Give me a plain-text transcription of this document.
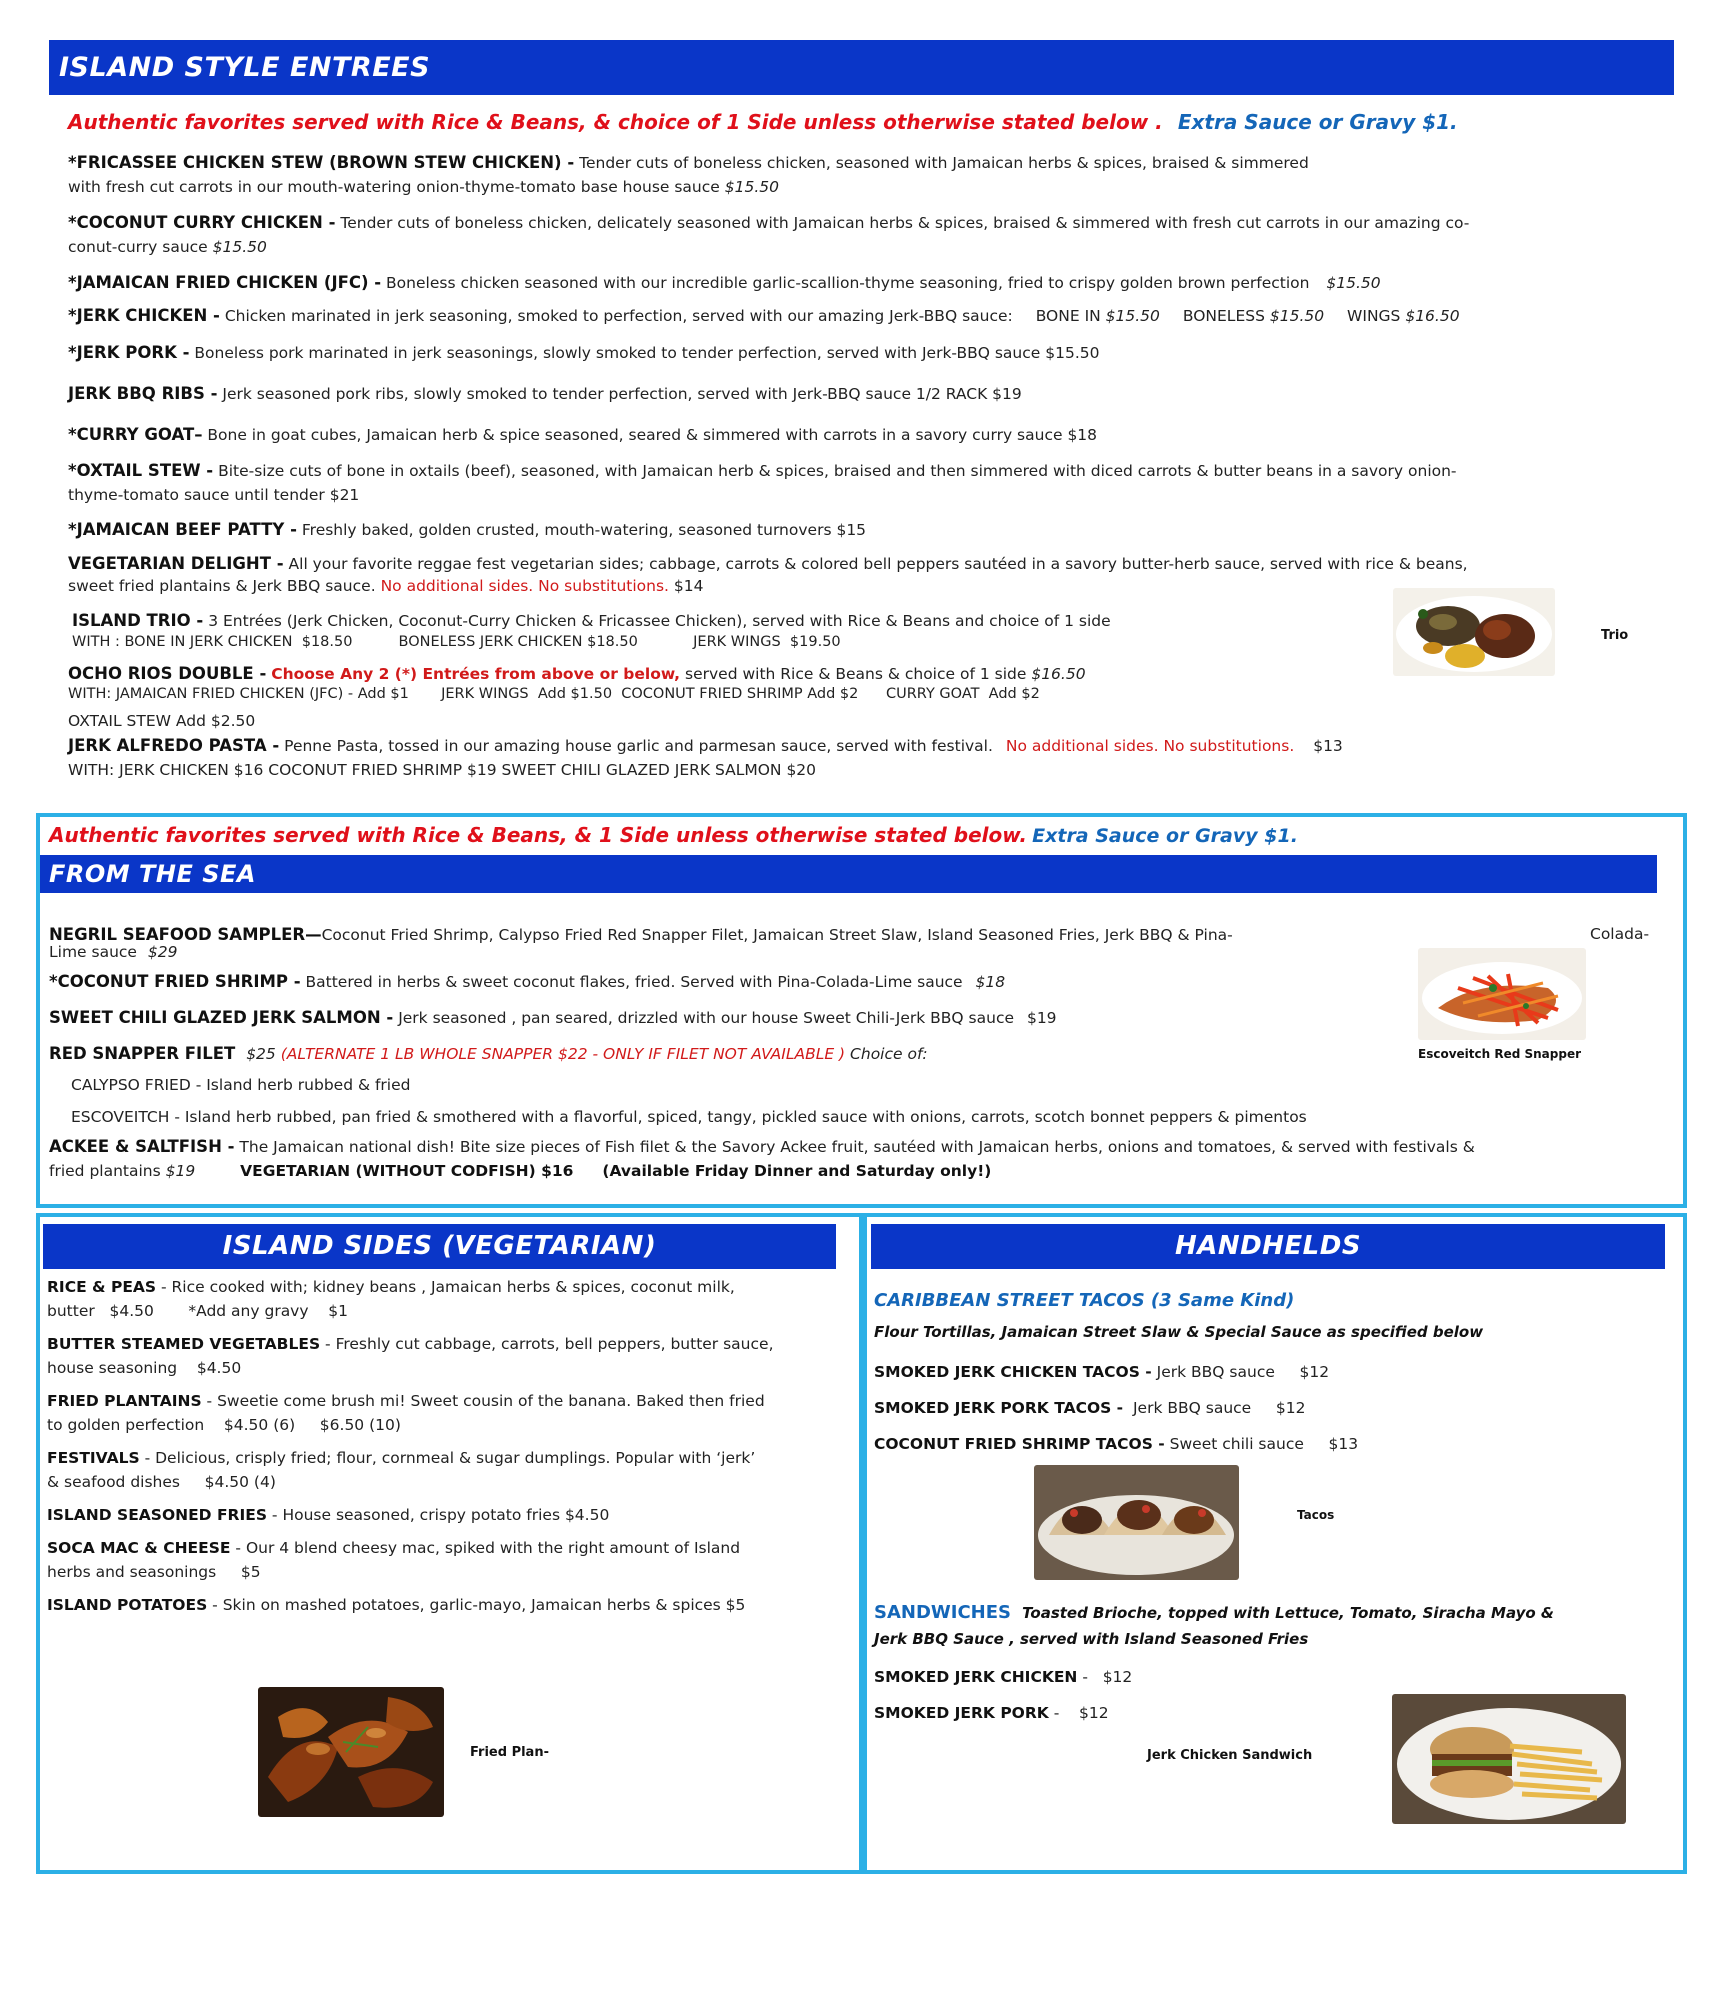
ISLAND STYLE ENTREES
Authentic favorites served with Rice & Beans, & choice of 1 Side unless otherwise stated below . Extra Sauce or Gravy $1.
*FRICASSEE CHICKEN STEW (BROWN STEW CHICKEN) - Tender cuts of boneless chicken, seasoned with Jamaican herbs & spices, braised & simmered
with fresh cut carrots in our mouth-watering onion-thyme-tomato base house sauce $15.50
*COCONUT CURRY CHICKEN - Tender cuts of boneless chicken, delicately seasoned with Jamaican herbs & spices, braised & simmered with fresh cut carrots in our amazing co-
conut-curry sauce $15.50
*JAMAICAN FRIED CHICKEN (JFC) - Boneless chicken seasoned with our incredible garlic-scallion-thyme seasoning, fried to crispy golden brown perfection $15.50
*JERK CHICKEN - Chicken marinated in jerk seasoning, smoked to perfection, served with our amazing Jerk-BBQ sauce: BONE IN $15.50 BONELESS $15.50 WINGS $16.50
*JERK PORK - Boneless pork marinated in jerk seasonings, slowly smoked to tender perfection, served with Jerk-BBQ sauce $15.50
JERK BBQ RIBS - Jerk seasoned pork ribs, slowly smoked to tender perfection, served with Jerk-BBQ sauce 1/2 RACK $19
*CURRY GOAT– Bone in goat cubes, Jamaican herb & spice seasoned, seared & simmered with carrots in a savory curry sauce $18
*OXTAIL STEW - Bite-size cuts of bone in oxtails (beef), seasoned, with Jamaican herb & spices, braised and then simmered with diced carrots & butter beans in a savory onion-
thyme-tomato sauce until tender $21
*JAMAICAN BEEF PATTY - Freshly baked, golden crusted, mouth-watering, seasoned turnovers $15
VEGETARIAN DELIGHT - All your favorite reggae fest vegetarian sides; cabbage, carrots & colored bell peppers sautéed in a savory butter-herb sauce, served with rice & beans,
sweet fried plantains & Jerk BBQ sauce. No additional sides. No substitutions. $14
ISLAND TRIO - 3 Entrées (Jerk Chicken, Coconut-Curry Chicken & Fricassee Chicken), served with Rice & Beans and choice of 1 side
WITH : BONE IN JERK CHICKEN  $18.50          BONELESS JERK CHICKEN $18.50            JERK WINGS  $19.50	Trio
OCHO RIOS DOUBLE - Choose Any 2 (*) Entrées from above or below, served with Rice & Beans & choice of 1 side $16.50
WITH: JAMAICAN FRIED CHICKEN (JFC) - Add $1       JERK WINGS  Add $1.50  COCONUT FRIED SHRIMP Add $2      CURRY GOAT  Add $2
OXTAIL STEW Add $2.50
JERK ALFREDO PASTA - Penne Pasta, tossed in our amazing house garlic and parmesan sauce, served with festival. No additional sides. No substitutions. $13
WITH: JERK CHICKEN $16 COCONUT FRIED SHRIMP $19 SWEET CHILI GLAZED JERK SALMON $20
Authentic favorites served with Rice & Beans, & 1 Side unless otherwise stated below. Extra Sauce or Gravy $1.
FROM THE SEA
NEGRIL SEAFOOD SAMPLER—Coconut Fried Shrimp, Calypso Fried Red Snapper Filet, Jamaican Street Slaw, Island Seasoned Fries, Jerk BBQ & Pina-
Lime sauce $29
Colada-
*COCONUT FRIED SHRIMP - Battered in herbs & sweet coconut flakes, fried. Served with Pina-Colada-Lime sauce $18
SWEET CHILI GLAZED JERK SALMON - Jerk seasoned , pan seared, drizzled with our house Sweet Chili-Jerk BBQ sauce $19
RED SNAPPER FILET $25 (ALTERNATE 1 LB WHOLE SNAPPER $22 - ONLY IF FILET NOT AVAILABLE ) Choice of:	Escoveitch Red Snapper
CALYPSO FRIED - Island herb rubbed & fried
ESCOVEITCH - Island herb rubbed, pan fried & smothered with a flavorful, spiced, tangy, pickled sauce with onions, carrots, scotch bonnet peppers & pimentos
ACKEE & SALTFISH - The Jamaican national dish! Bite size pieces of Fish filet & the Savory Ackee fruit, sautéed with Jamaican herbs, onions and tomatoes, & served with festivals &
fried plantains $19	VEGETARIAN (WITHOUT CODFISH) $16 (Available Friday Dinner and Saturday only!)
ISLAND SIDES (VEGETARIAN)
RICE & PEAS - Rice cooked with; kidney beans , Jamaican herbs & spices, coconut milk,
butter   $4.50       *Add any gravy    $1
BUTTER STEAMED VEGETABLES - Freshly cut cabbage, carrots, bell peppers, butter sauce,
house seasoning    $4.50
FRIED PLANTAINS - Sweetie come brush mi! Sweet cousin of the banana. Baked then fried
to golden perfection    $4.50 (6)     $6.50 (10)
FESTIVALS - Delicious, crisply fried; flour, cornmeal & sugar dumplings. Popular with ‘jerk’
& seafood dishes     $4.50 (4)
ISLAND SEASONED FRIES - House seasoned, crispy potato fries $4.50
SOCA MAC & CHEESE - Our 4 blend cheesy mac, spiked with the right amount of Island
herbs and seasonings     $5
ISLAND POTATOES - Skin on mashed potatoes, garlic-mayo, Jamaican herbs & spices $5
Fried Plan-
HANDHELDS
CARIBBEAN STREET TACOS (3 Same Kind)
Flour Tortillas, Jamaican Street Slaw & Special Sauce as specified below
SMOKED JERK CHICKEN TACOS - Jerk BBQ sauce     $12
SMOKED JERK PORK TACOS -  Jerk BBQ sauce     $12
COCONUT FRIED SHRIMP TACOS - Sweet chili sauce     $13
Tacos
SANDWICHES Toasted Brioche, topped with Lettuce, Tomato, Siracha Mayo &
Jerk BBQ Sauce , served with Island Seasoned Fries
SMOKED JERK CHICKEN -   $12
SMOKED JERK PORK -    $12
Jerk Chicken Sandwich
